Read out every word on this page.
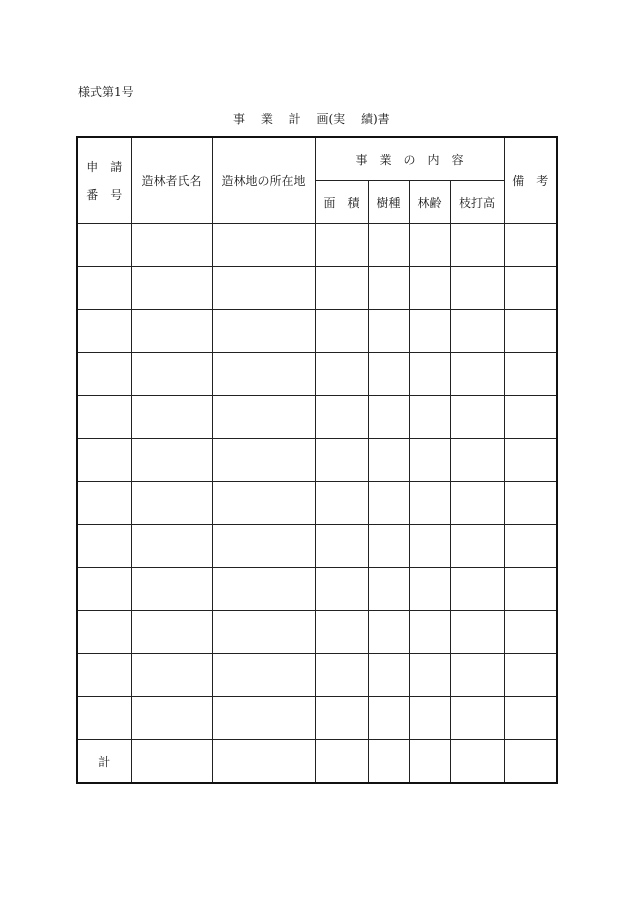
様式第1号
事　 業　 計　 画(実　 績)書
申　請
番　号	造林者氏名	造林地の所在地	事　業　の　内　容				備　考
			面　積	樹種	林齢	枝打高	

計							
